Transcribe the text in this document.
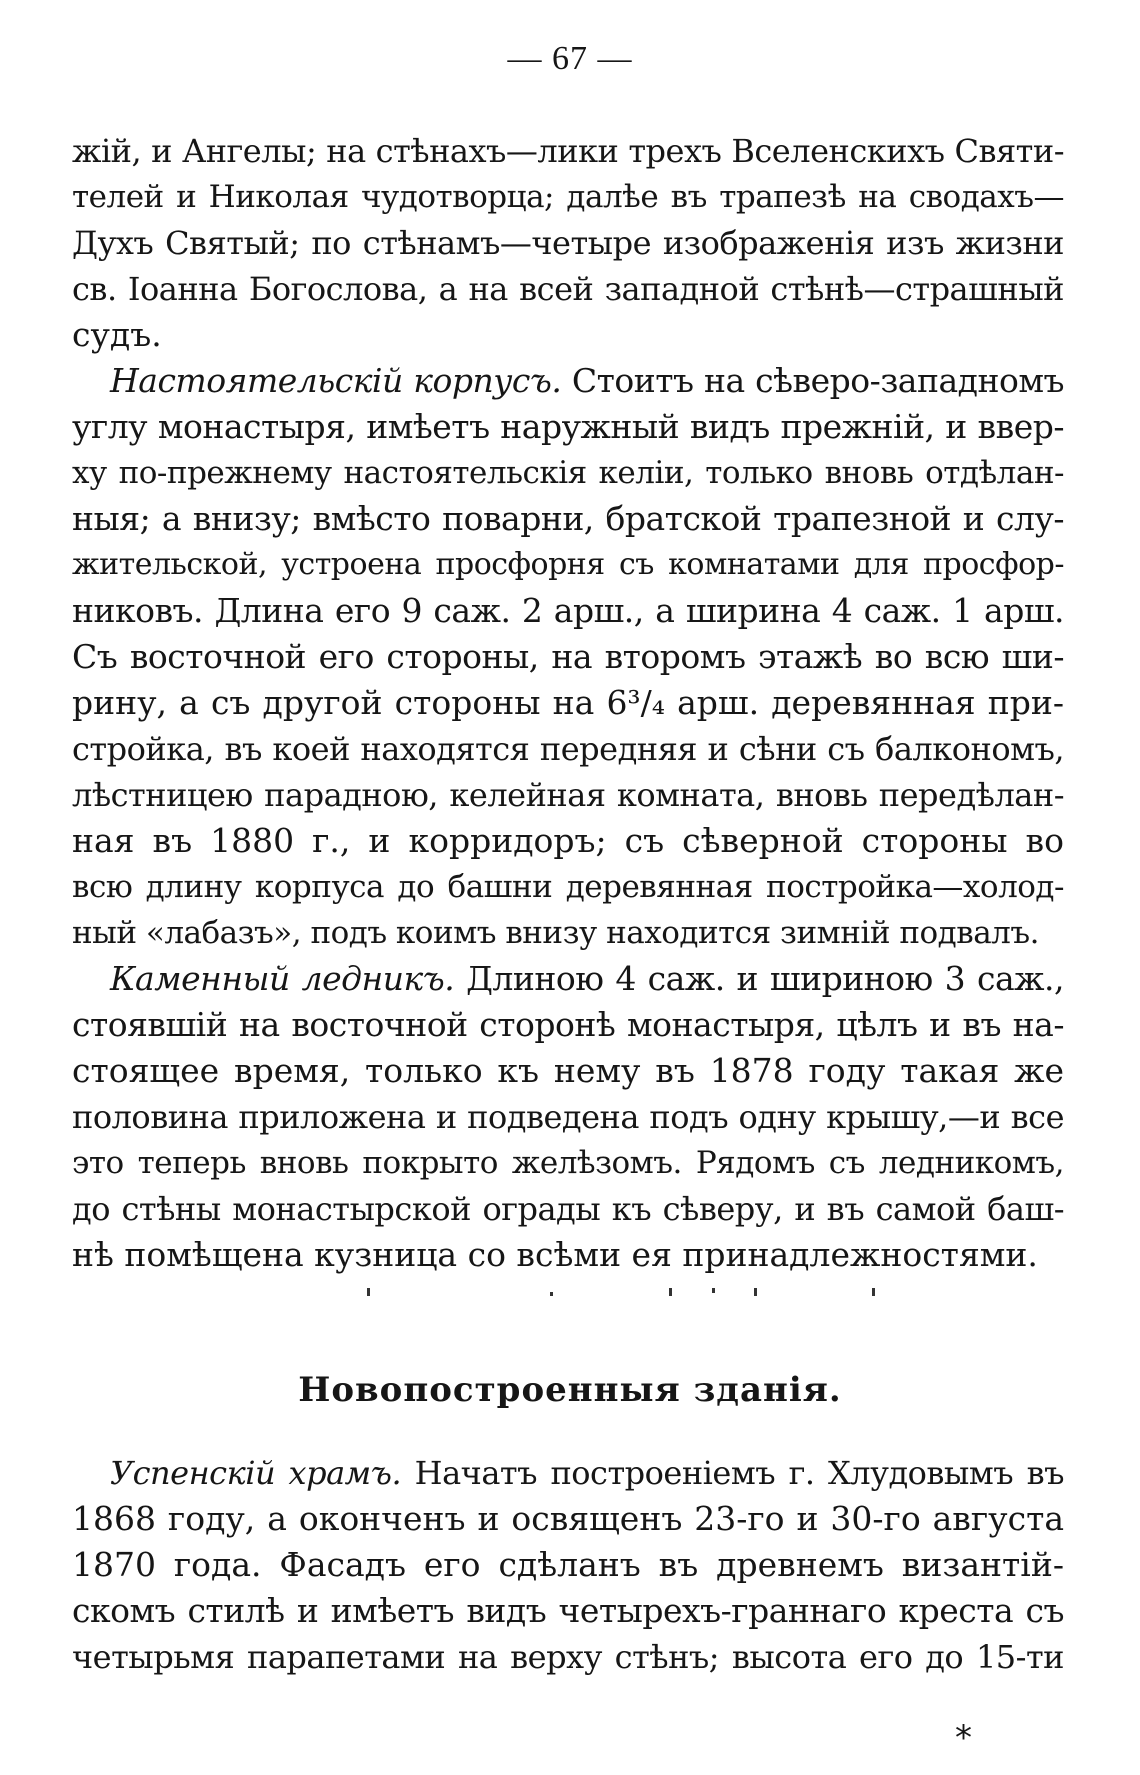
— 67 —
жій, и Ангелы; на стѣнахъ—лики трехъ Вселенскихъ Святи-
телей и Николая чудотворца; далѣе въ трапезѣ на сводахъ—
Духъ Святый; по стѣнамъ—четыре изображенія изъ жизни
св. Іоанна Богослова, а на всей западной стѣнѣ—страшный
судъ.
Настоятельскій корпусъ. Стоитъ на сѣверо-западномъ
углу монастыря, имѣетъ наружный видъ прежній, и ввер-
ху по-прежнему настоятельскія келіи, только вновь отдѣлан-
ныя; а внизу; вмѣсто поварни, братской трапезной и слу-
жительской, устроена просфорня съ комнатами для просфор-
никовъ. Длина его 9 саж. 2 арш., а ширина 4 саж. 1 арш.
Съ восточной его стороны, на второмъ этажѣ во всю ши-
рину, а съ другой стороны на 6³/₄ арш. деревянная при-
стройка, въ коей находятся передняя и сѣни съ балкономъ,
лѣстницею парадною, келейная комната, вновь передѣлан-
ная въ 1880 г., и корридоръ; съ сѣверной стороны во
всю длину корпуса до башни деревянная постройка—холод-
ный «лабазъ», подъ коимъ внизу находится зимній подвалъ.
Каменный ледникъ. Длиною 4 саж. и шириною 3 саж.,
стоявшій на восточной сторонѣ монастыря, цѣлъ и въ на-
стоящее время, только къ нему въ 1878 году такая же
половина приложена и подведена подъ одну крышу,—и все
это теперь вновь покрыто желѣзомъ. Рядомъ съ ледникомъ,
до стѣны монастырской ограды къ сѣверу, и въ самой баш-
нѣ помѣщена кузница со всѣми ея принадлежностями.
Новопостроенныя зданія.
Успенскій храмъ. Начатъ построеніемъ г. Хлудовымъ въ
1868 году, а оконченъ и освященъ 23-го и 30-го августа
1870 года. Фасадъ его сдѣланъ въ древнемъ византій-
скомъ стилѣ и имѣетъ видъ четырехъ-граннаго креста съ
четырьмя парапетами на верху стѣнъ; высота его до 15-ти
*
